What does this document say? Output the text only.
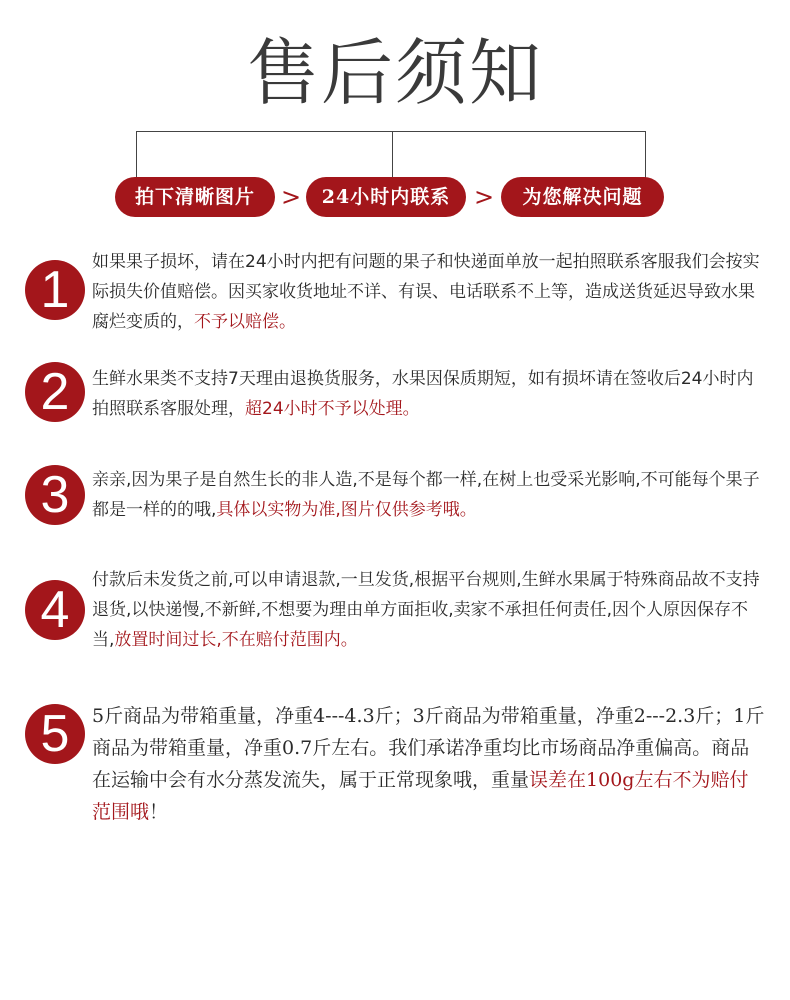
售后须知
拍下清晰图片	>	24小时内联系 >	为您解决问题
1	如果果子损坏，请在24小时内把有问题的果子和快递面单放一起拍照联系客服我们会按实际损失价值赔偿。因买家收货地址不详、有误、电话联系不上等，造成送货延迟导致水果腐烂变质的，不予以赔偿。
2	生鲜水果类不支持7天理由退换货服务，水果因保质期短，如有损坏请在签收后24小时内拍照联系客服处理，超24小时不予以处理。
3	亲亲,因为果子是自然生长的非人造,不是每个都一样,在树上也受采光影响,不可能每个果子都是一样的的哦,具体以实物为准,图片仅供参考哦。
4
付款后未发货之前,可以申请退款,一旦发货,根据平台规则,生鲜水果属于特殊商品故不支持退货,以快递慢,不新鲜,不想要为理由单方面拒收,卖家不承担任何责任,因个人原因保存不当,放置时间过长,不在赔付范围内。
5	5斤商品为带箱重量，净重4---4.3斤；3斤商品为带箱重量，净重2---2.3斤；1斤商品为带箱重量，净重0.7斤左右。我们承诺净重均比市场商品净重偏高。商品在运输中会有水分蒸发流失，属于正常现象哦，重量误差在100g左右不为赔付范围哦！
